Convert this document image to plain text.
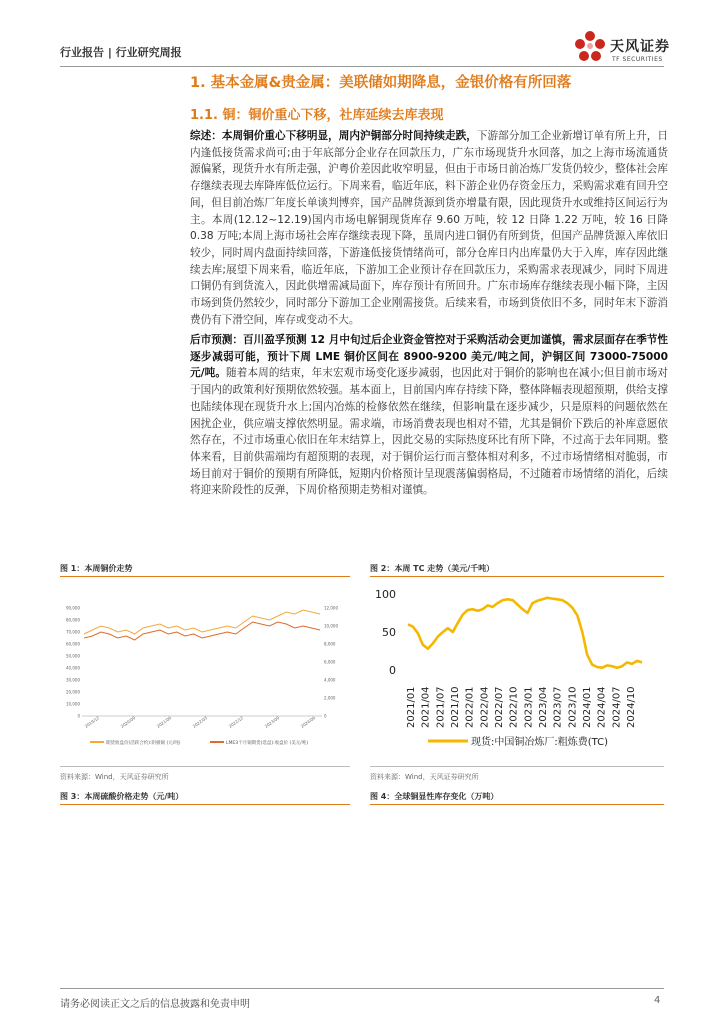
行业报告 | 行业研究周报	天风证券
TF SECURITIES
1. 基本金属&贵金属：美联储如期降息，金银价格有所回落
1.1. 铜：铜价重心下移，社库延续去库表现
综述：本周铜价重心下移明显，周内沪铜部分时间持续走跌，下游部分加工企业新增订单有所上升，日内逢低接货需求尚可;由于年底部分企业存在回款压力，广东市场现货升水回落，加之上海市场流通货源偏紧，现货升水有所走强，沪粤价差因此收窄明显，但由于市场日前冶炼厂发货仍较少，整体社会库存继续表现去库降库低位运行。下周来看，临近年底，料下游企业仍存资金压力，采购需求难有回升空间，但目前冶炼厂年度长单谈判博弈，国产品牌货源到货亦增量有限，因此现货升水或维持区间运行为主。本周(12.12~12.19)国内市场电解铜现货库存 9.60 万吨，较 12 日降 1.22 万吨，较 16 日降 0.38 万吨;本周上海市场社会库存继续表现下降，虽周内进口铜仍有所到货，但国产品牌货源入库依旧较少，同时周内盘面持续回落，下游逢低接货情绪尚可，部分仓库日内出库量仍大于入库，库存因此继续去库;展望下周来看，临近年底，下游加工企业预计存在回款压力，采购需求表现减少，同时下周进口铜仍有到货流入，因此供增需减局面下，库存预计有所回升。广东市场库存继续表现小幅下降，主因市场到货仍然较少，同时部分下游加工企业刚需接货。后续来看，市场到货依旧不多，同时年末下游消费仍有下滑空间，库存或变动不大。
后市预测：百川盈孚预测 12 月中旬过后企业资金管控对于采购活动会更加谨慎，需求层面存在季节性逐步减弱可能，预计下周 LME 铜价区间在 8900-9200 美元/吨之间，沪铜区间 73000-75000 元/吨。随着本周的结束，年末宏观市场变化逐步减弱，也因此对于铜价的影响也在减小;但目前市场对于国内的政策利好预期依然较强。基本面上，目前国内库存持续下降，整体降幅表现超预期，供给支撑也陆续体现在现货升水上;国内冶炼的检修依然在继续，但影响量在逐步减少，只是原料的问题依然在困扰企业，供应端支撑依然明显。需求端，市场消费表现也相对不错，尤其是铜价下跌后的补库意愿依然存在，不过市场重心依旧在年末结算上，因此交易的实际热度环比有所下降，不过高于去年同期。整体来看，目前供需端均有超预期的表现，对于铜价运行而言整体相对利多，不过市场情绪相对脆弱，市场目前对于铜价的预期有所降低，短期内价格预计呈现震荡偏弱格局，不过随着市场情绪的消化，后续将迎来阶段性的反弹，下周价格预期走势相对谨慎。
图 1：本周铜价走势
90,000
80,000
70,000
60,000
50,000
40,000
30,000
20,000
10,000
0
12,000
10,000
8,000
6,000
4,000
2,000
0
2019/12	2020/09	2021/06	2022/03	2022/12	2023/09	2024/06
期货收盘价(活跃合约):阴极铜 (元/吨)	LME3个月铜期货(选盘):收盘价 (美元/吨)
资料来源：Wind，天风证券研究所
图 2：本周 TC 走势（美元/千吨）
100
50
0
2021/01 2021/04 2021/07 2021/10 2022/01 2022/04 2022/07 2022/10 2023/01 2023/04 2023/07 2023/10 2024/01 2024/04 2024/07 2024/10
现货:中国铜冶炼厂:粗炼费(TC)
资料来源：Wind，天风证券研究所
图 3：本周硫酸价格走势（元/吨）	图 4：全球铜显性库存变化（万吨）
请务必阅读正文之后的信息披露和免责申明	4
